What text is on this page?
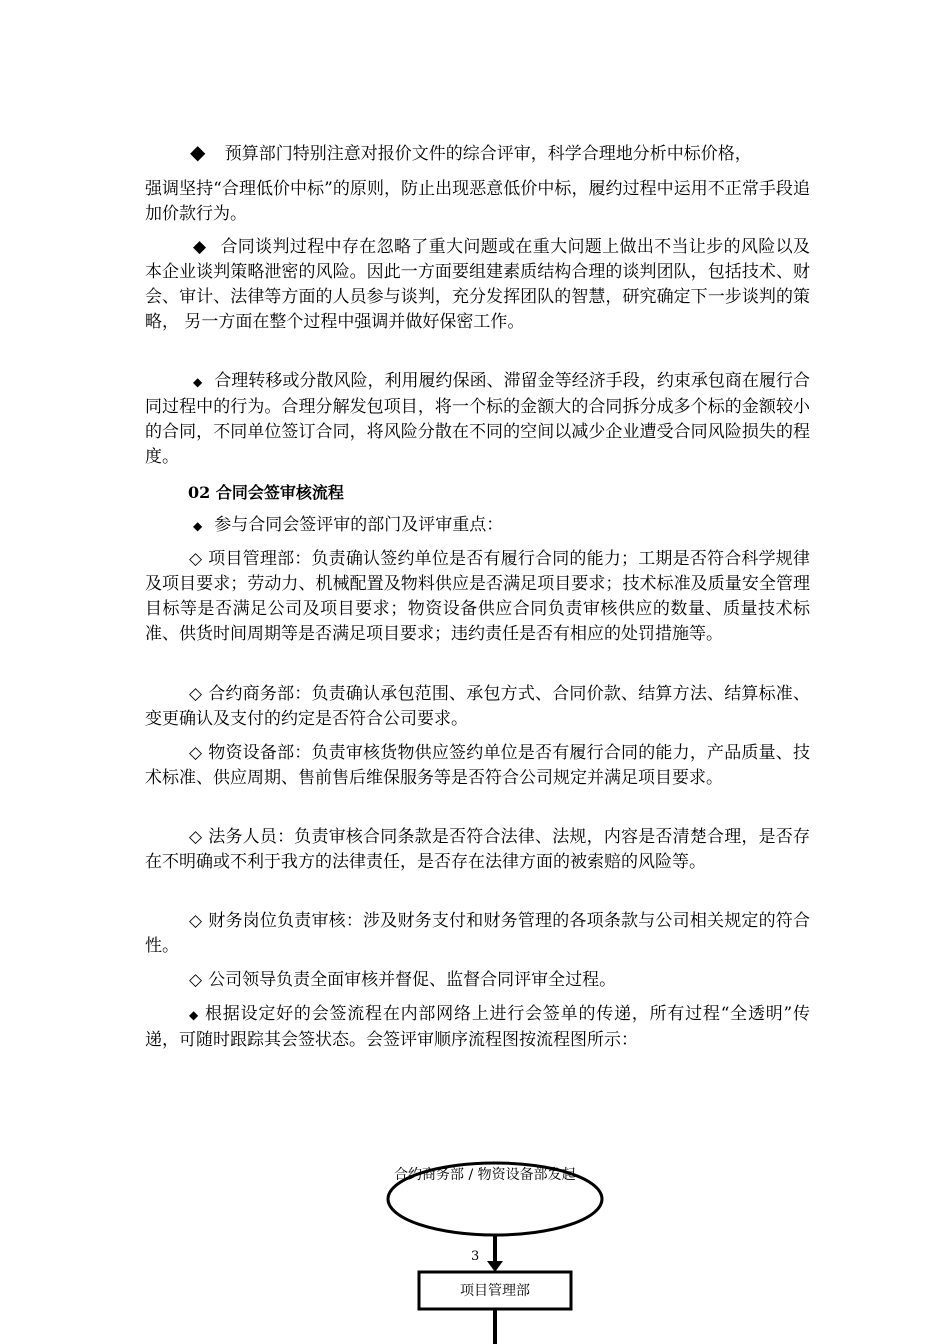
◆ 预算部门特别注意对报价文件的综合评审，科学合理地分析中标价格，
强调坚持“合理低价中标”的原则，防止出现恶意低价中标，履约过程中运用不正常手段追加价款行为。
◆ 合同谈判过程中存在忽略了重大问题或在重大问题上做出不当让步的风险以及本企业谈判策略泄密的风险。因此一方面要组建素质结构合理的谈判团队，包括技术、财会、审计、法律等方面的人员参与谈判，充分发挥团队的智慧，研究确定下一步谈判的策略， 另一方面在整个过程中强调并做好保密工作。
◆ 合理转移或分散风险，利用履约保函、滞留金等经济手段，约束承包商在履行合同过程中的行为。合理分解发包项目，将一个标的金额大的合同拆分成多个标的金额较小的合同，不同单位签订合同，将风险分散在不同的空间以减少企业遭受合同风险损失的程度。
02 合同会签审核流程
◆ 参与合同会签评审的部门及评审重点：
◇ 项目管理部：负责确认签约单位是否有履行合同的能力；工期是否符合科学规律及项目要求；劳动力、机械配置及物料供应是否满足项目要求；技术标准及质量安全管理目标等是否满足公司及项目要求；物资设备供应合同负责审核供应的数量、质量技术标准、供货时间周期等是否满足项目要求；违约责任是否有相应的处罚措施等。
◇ 合约商务部：负责确认承包范围、承包方式、合同价款、结算方法、结算标准、变更确认及支付的约定是否符合公司要求。
◇ 物资设备部：负责审核货物供应签约单位是否有履行合同的能力，产品质量、技术标准、供应周期、售前售后维保服务等是否符合公司规定并满足项目要求。
◇ 法务人员：负责审核合同条款是否符合法律、法规，内容是否清楚合理，是否存在不明确或不利于我方的法律责任，是否存在法律方面的被索赔的风险等。
◇ 财务岗位负责审核：涉及财务支付和财务管理的各项条款与公司相关规定的符合性。
◇ 公司领导负责全面审核并督促、监督合同评审全过程。
◆ 根据设定好的会签流程在内部网络上进行会签单的传递，所有过程“全透明”传递，可随时跟踪其会签状态。会签评审顺序流程图按流程图所示：
合约商务部 / 物资设备部发起
3
项目管理部
